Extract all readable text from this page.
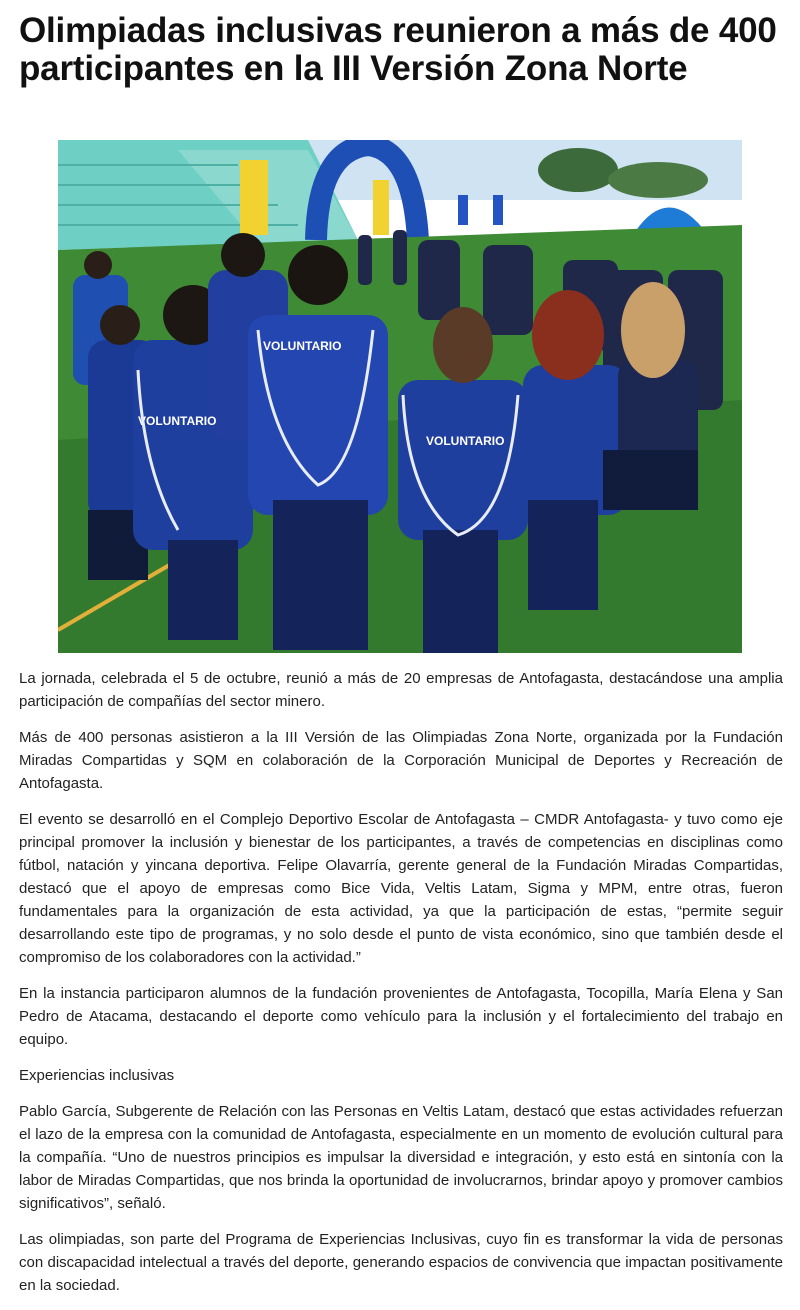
Olimpiadas inclusivas reunieron a más de 400 participantes en la III Versión Zona Norte
VOLUNTARIO
VOLUNTARIO
VOLUNTARIO

La jornada, celebrada el 5 de octubre, reunió a más de 20 empresas de Antofagasta, destacándose una amplia participación de compañías del sector minero.

Más de 400 personas asistieron a la III Versión de las Olimpiadas Zona Norte, organizada por la Fundación Miradas Compartidas y SQM en colaboración de la Corporación Municipal de Deportes y Recreación de Antofagasta.

El evento se desarrolló en el Complejo Deportivo Escolar de Antofagasta – CMDR Antofagasta- y tuvo como eje principal promover la inclusión y bienestar de los participantes, a través de competencias en disciplinas como fútbol, natación y yincana deportiva. Felipe Olavarría, gerente general de la Fundación Miradas Compartidas, destacó que el apoyo de empresas como Bice Vida, Veltis Latam, Sigma y MPM, entre otras, fueron fundamentales para la organización de esta actividad, ya que la participación de estas, “permite seguir desarrollando este tipo de programas, y no solo desde el punto de vista económico, sino que también desde el compromiso de los colaboradores con la actividad.”

En la instancia participaron alumnos de la fundación provenientes de Antofagasta, Tocopilla, María Elena y San Pedro de Atacama, destacando el deporte como vehículo para la inclusión y el fortalecimiento del trabajo en equipo.

Experiencias inclusivas

Pablo García, Subgerente de Relación con las Personas en Veltis Latam, destacó que estas actividades refuerzan el lazo de la empresa con la comunidad de Antofagasta, especialmente en un momento de evolución cultural para la compañía. “Uno de nuestros principios es impulsar la diversidad e integración, y esto está en sintonía con la labor de Miradas Compartidas, que nos brinda la oportunidad de involucrarnos, brindar apoyo y promover cambios significativos”, señaló.

Las olimpiadas, son parte del Programa de Experiencias Inclusivas, cuyo fin es transformar la vida de personas con discapacidad intelectual a través del deporte, generando espacios de convivencia que impactan positivamente en la sociedad.
